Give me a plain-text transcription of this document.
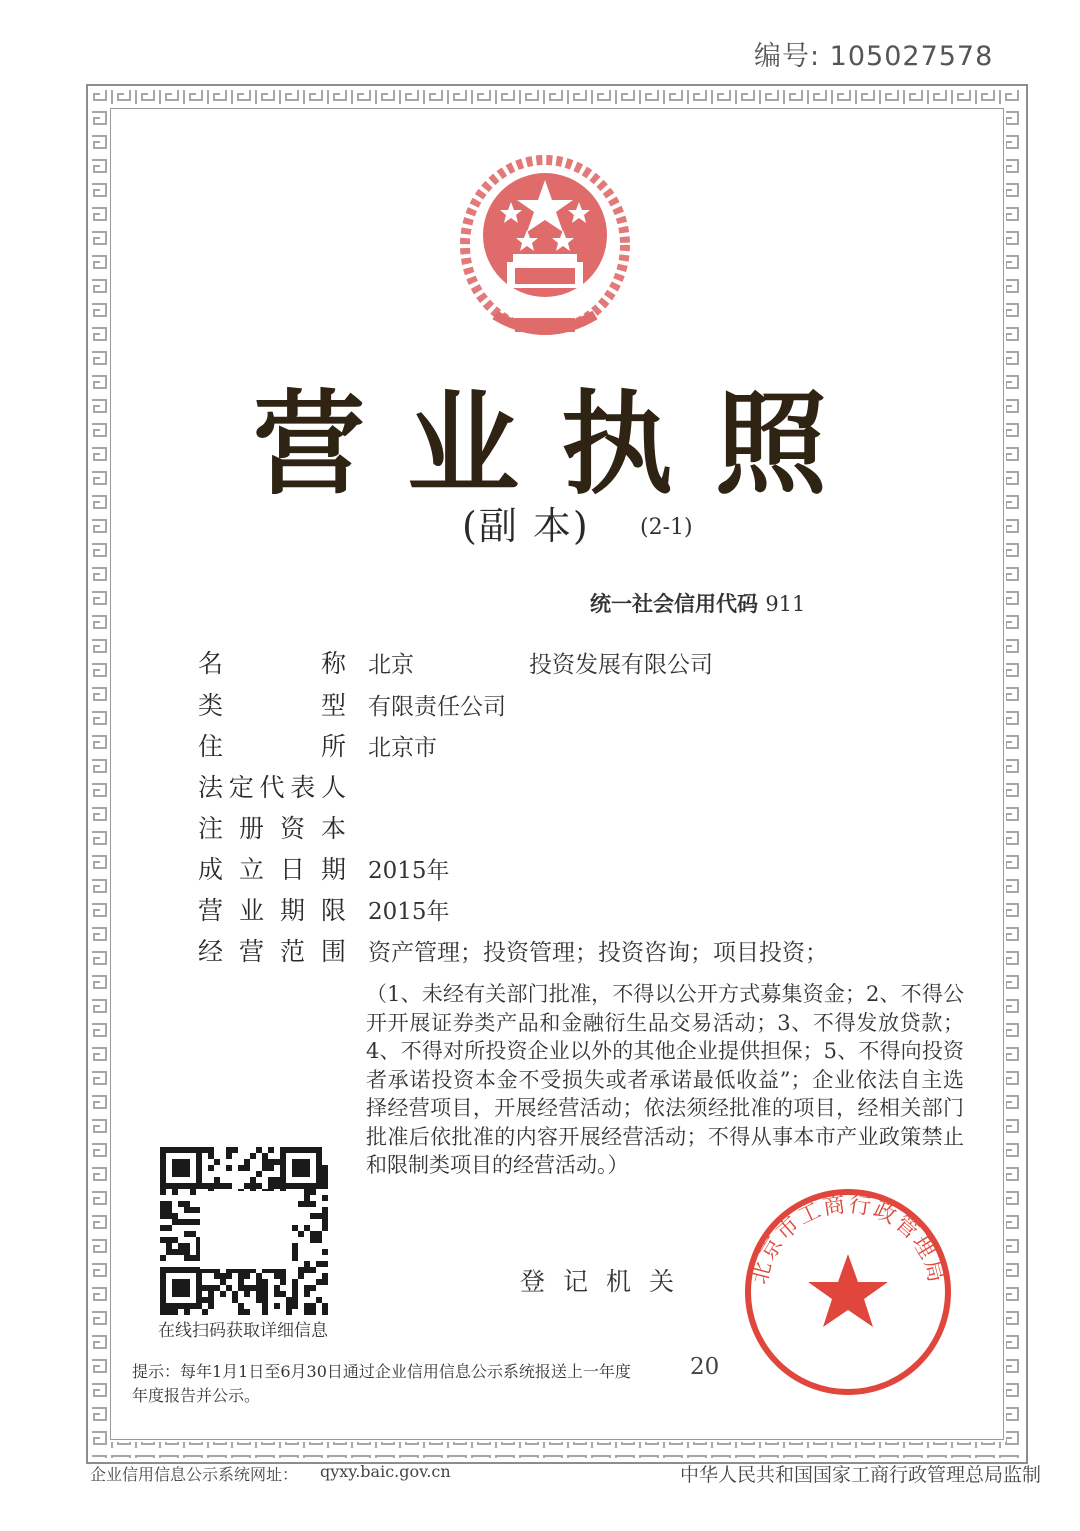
编号: 105027578
营业执照
(副 本) (2-1)
统一社会信用代码 911
名	称 北京　　　　　投资发展有限公司
类	型 有限责任公司
住	所 北京市
法 定 代 表 人
注 册 资 本
成 立 日 期 2015年
营 业 期 限 2015年
经 营 范 围 资产管理；投资管理；投资咨询；项目投资；
（1、未经有关部门批准，不得以公开方式募集资金；2、不得公开开展证券类产品和金融衍生品交易活动；3、不得发放贷款；4、不得对所投资企业以外的其他企业提供担保；5、不得向投资者承诺投资本金不受损失或者承诺最低收益”；企业依法自主选择经营项目，开展经营活动；依法须经批准的项目，经相关部门批准后依批准的内容开展经营活动；不得从事本市产业政策禁止和限制类项目的经营活动。）
在线扫码获取详细信息
登记机关
20
提示：每年1月1日至6月30日通过企业信用信息公示系统报送上一年度年度报告并公示。
北京市工商行政管理局
企业信用信息公示系统网址： qyxy.baic.gov.cn	中华人民共和国国家工商行政管理总局监制
